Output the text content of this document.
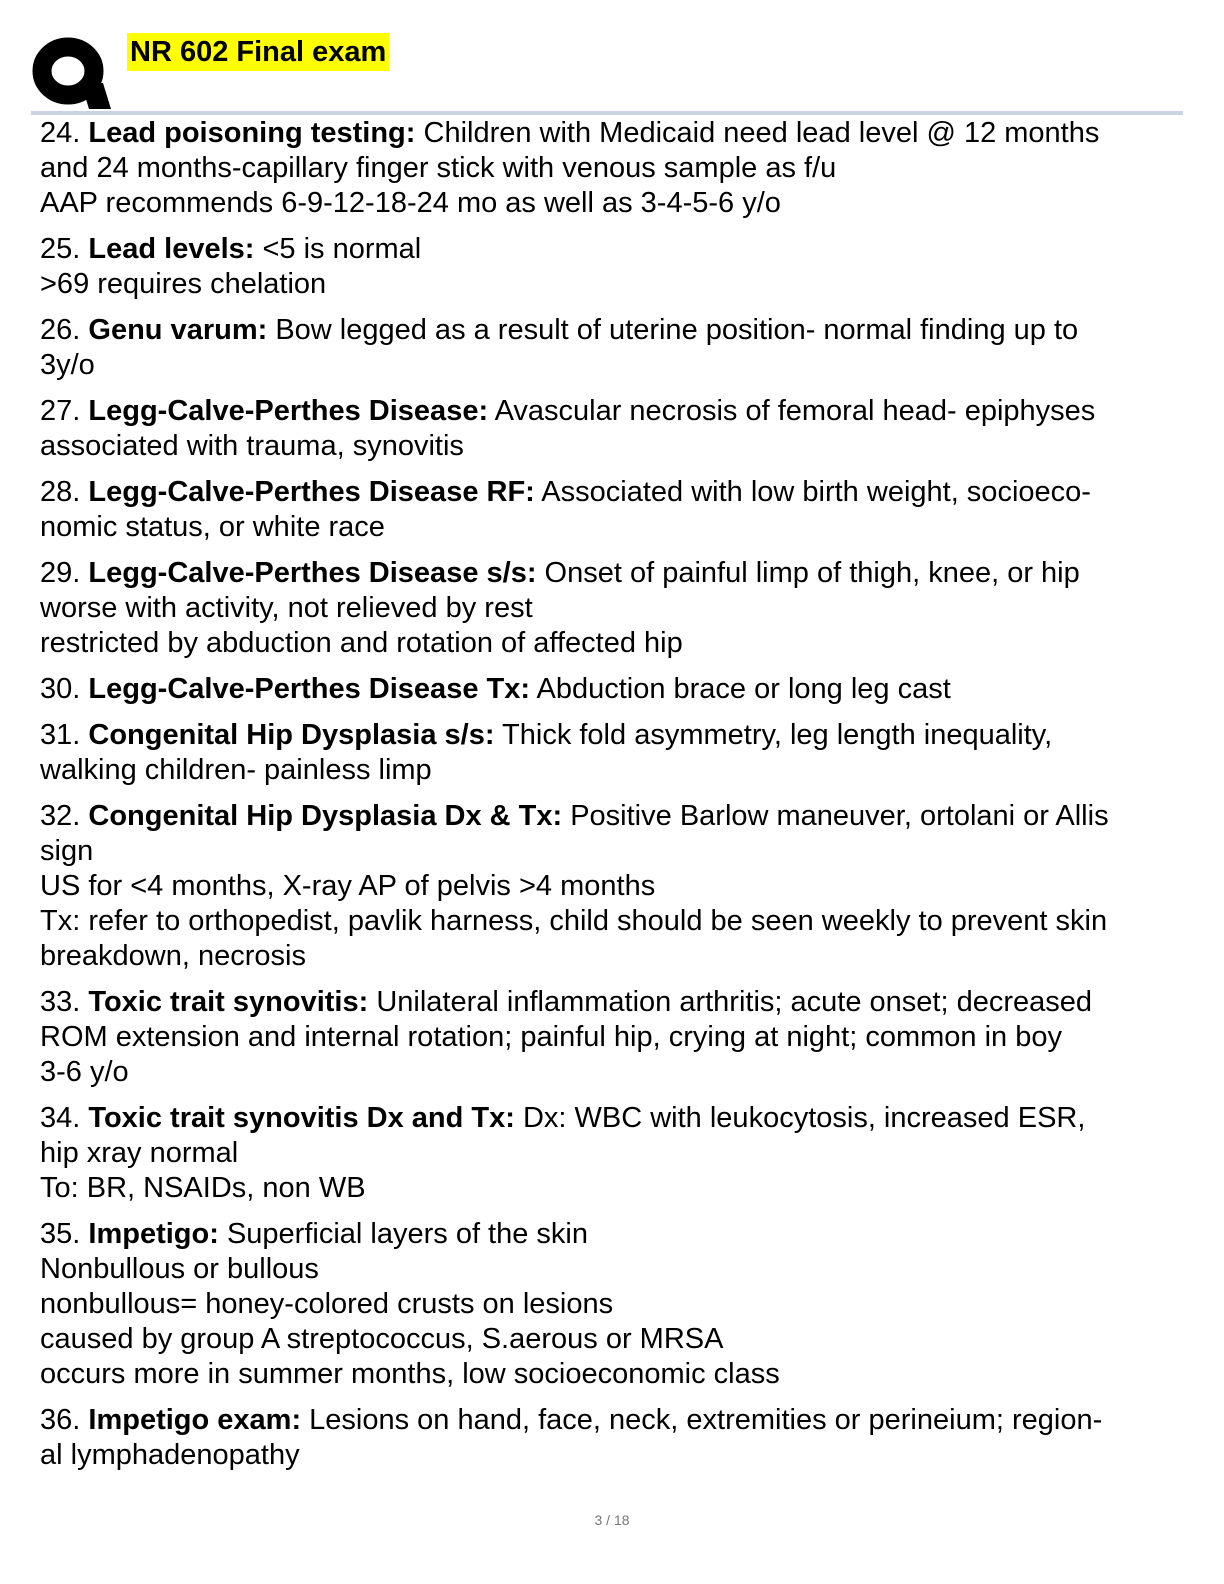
NR 602 Final exam
24. Lead poisoning testing: Children with Medicaid need lead level @ 12 months
and 24 months-capillary finger stick with venous sample as f/u
AAP recommends 6-9-12-18-24 mo as well as 3-4-5-6 y/o
25. Lead levels: <5 is normal
>69 requires chelation
26. Genu varum: Bow legged as a result of uterine position- normal finding up to
3y/o
27. Legg-Calve-Perthes Disease: Avascular necrosis of femoral head- epiphyses
associated with trauma, synovitis
28. Legg-Calve-Perthes Disease RF: Associated with low birth weight, socioeco-
nomic status, or white race
29. Legg-Calve-Perthes Disease s/s: Onset of painful limp of thigh, knee, or hip
worse with activity, not relieved by rest
restricted by abduction and rotation of affected hip
30. Legg-Calve-Perthes Disease Tx: Abduction brace or long leg cast
31. Congenital Hip Dysplasia s/s: Thick fold asymmetry, leg length inequality,
walking children- painless limp
32. Congenital Hip Dysplasia Dx & Tx: Positive Barlow maneuver, ortolani or Allis
sign
US for <4 months, X-ray AP of pelvis >4 months
Tx: refer to orthopedist, pavlik harness, child should be seen weekly to prevent skin
breakdown, necrosis
33. Toxic trait synovitis: Unilateral inflammation arthritis; acute onset; decreased
ROM extension and internal rotation; painful hip, crying at night; common in boy
3-6 y/o
34. Toxic trait synovitis Dx and Tx: Dx: WBC with leukocytosis, increased ESR,
hip xray normal
To: BR, NSAIDs, non WB
35. Impetigo: Superficial layers of the skin
Nonbullous or bullous
nonbullous= honey-colored crusts on lesions
caused by group A streptococcus, S.aerous or MRSA
occurs more in summer months, low socioeconomic class
36. Impetigo exam: Lesions on hand, face, neck, extremities or perineium; region-
al lymphadenopathy
3 / 18
